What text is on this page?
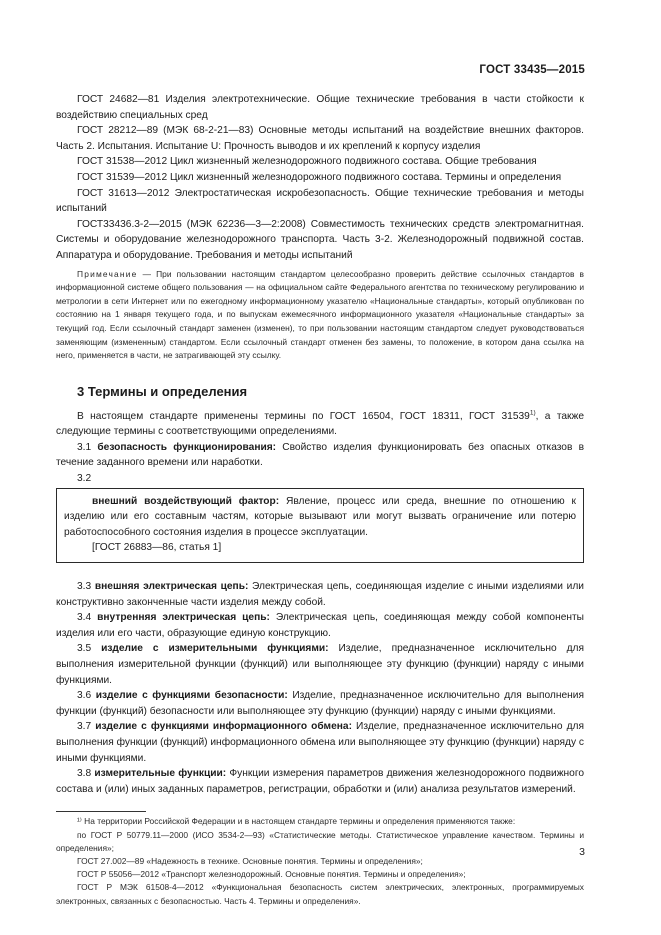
ГОСТ 33435—2015

ГОСТ 24682—81 Изделия электротехнические. Общие технические требования в части стойкости к воздействию специальных сред

ГОСТ 28212—89 (МЭК 68-2-21—83) Основные методы испытаний на воздействие внешних факторов. Часть 2. Испытания. Испытание U: Прочность выводов и их креплений к корпусу изделия

ГОСТ 31538—2012 Цикл жизненный железнодорожного подвижного состава. Общие требования

ГОСТ 31539—2012 Цикл жизненный железнодорожного подвижного состава. Термины и определения

ГОСТ 31613—2012 Электростатическая искробезопасность. Общие технические требования и методы испытаний

ГОСТ33436.3-2—2015 (МЭК 62236—3—2:2008) Совместимость технических средств электромагнитная. Системы и оборудование железнодорожного транспорта. Часть 3-2. Железнодорожный подвижной состав. Аппаратура и оборудование. Требования и методы испытаний

Примечание — При пользовании настоящим стандартом целесообразно проверить действие ссылочных стандартов в информационной системе общего пользования — на официальном сайте Федерального агентства по техническому регулированию и метрологии в сети Интернет или по ежегодному информационному указателю «Национальные стандарты», который опубликован по состоянию на 1 января текущего года, и по выпускам ежемесячного информационного указателя «Национальные стандарты» за текущий год. Если ссылочный стандарт заменен (изменен), то при пользовании настоящим стандартом следует руководствоваться заменяющим (измененным) стандартом. Если ссылочный стандарт отменен без замены, то положение, в котором дана ссылка на него, применяется в части, не затрагивающей эту ссылку.

3 Термины и определения

В настоящем стандарте применены термины по ГОСТ 16504, ГОСТ 18311, ГОСТ 31539$^{1)}$, а также следующие термины с соответствующими определениями.

3.1 безопасность функционирования: Свойство изделия функционировать без опасных отказов в течение заданного времени или наработки.

3.2

внешний воздействующий фактор: Явление, процесс или среда, внешние по отношению к изделию или его составным частям, которые вызывают или могут вызвать ограничение или потерю работоспособного состояния изделия в процессе эксплуатации.

[ГОСТ 26883—86, статья 1]

3.3 внешняя электрическая цепь: Электрическая цепь, соединяющая изделие с иными изделиями или конструктивно законченные части изделия между собой.

3.4 внутренняя электрическая цепь: Электрическая цепь, соединяющая между собой компоненты изделия или его части, образующие единую конструкцию.

3.5 изделие с измерительными функциями: Изделие, предназначенное исключительно для выполнения измерительной функции (функций) или выполняющее эту функцию (функции) наряду с иными функциями.

3.6 изделие с функциями безопасности: Изделие, предназначенное исключительно для выполнения функции (функций) безопасности или выполняющее эту функцию (функции) наряду с иными функциями.

3.7 изделие с функциями информационного обмена: Изделие, предназначенное исключительно для выполнения функции (функций) информационного обмена или выполняющее эту функцию (функции) наряду с иными функциями.

3.8 измерительные функции: Функции измерения параметров движения железнодорожного подвижного состава и (или) иных заданных параметров, регистрации, обработки и (или) анализа результатов измерений.

¹⁾ На территории Российской Федерации и в настоящем стандарте термины и определения применяются также:

по ГОСТ Р 50779.11—2000 (ИСО 3534-2—93) «Статистические методы. Статистическое управление качеством. Термины и определения»;

ГОСТ 27.002—89 «Надежность в технике. Основные понятия. Термины и определения»;

ГОСТ Р 55056—2012 «Транспорт железнодорожный. Основные понятия. Термины и определения»;

ГОСТ Р МЭК 61508-4—2012 «Функциональная безопасность систем электрических, электронных, программируемых электронных, связанных с безопасностью. Часть 4. Термины и определения».

3
